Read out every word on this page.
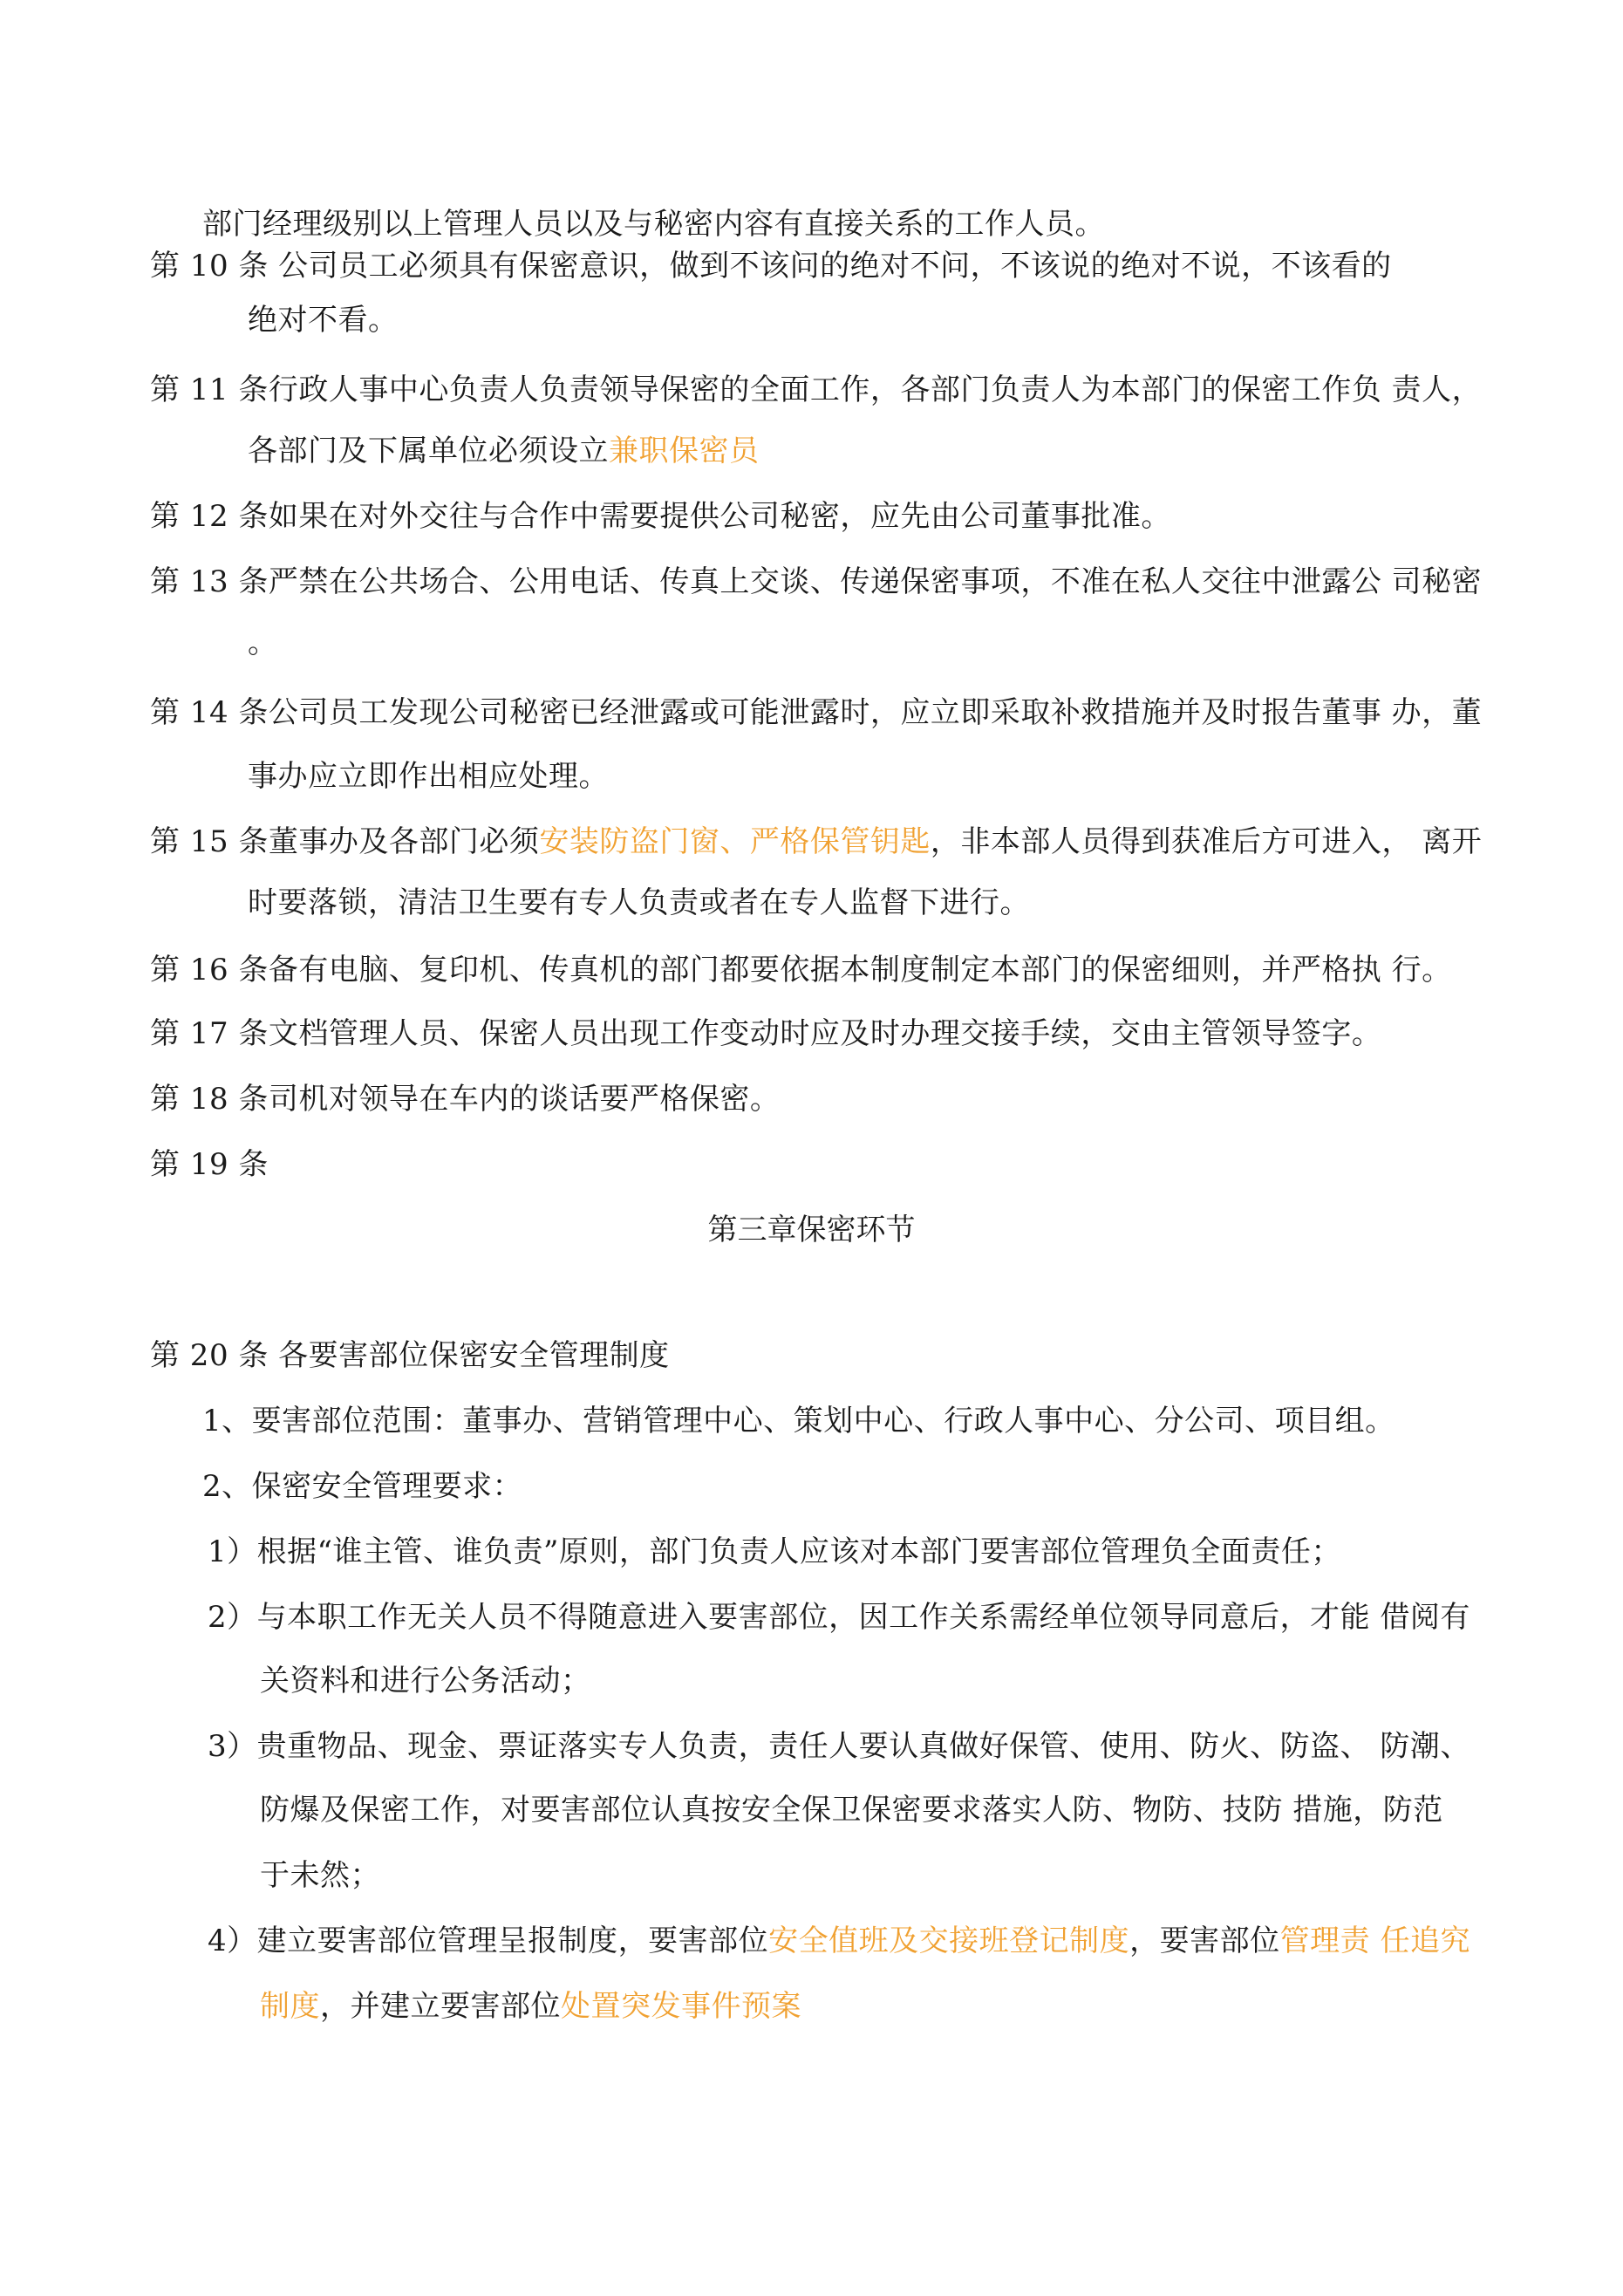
部门经理级别以上管理人员以及与秘密内容有直接关系的工作人员。
第 10 条 公司员工必须具有保密意识，做到不该问的绝对不问，不该说的绝对不说，不该看的
绝对不看。
第 11 条行政人事中心负责人负责领导保密的全面工作，各部门负责人为本部门的保密工作负 责人，
各部门及下属单位必须设立兼职保密员
第 12 条如果在对外交往与合作中需要提供公司秘密，应先由公司董事批准。
第 13 条严禁在公共场合、公用电话、传真上交谈、传递保密事项，不准在私人交往中泄露公 司秘密
。
第 14 条公司员工发现公司秘密已经泄露或可能泄露时，应立即采取补救措施并及时报告董事 办，董
事办应立即作出相应处理。
第 15 条董事办及各部门必须安装防盗门窗、严格保管钥匙，非本部人员得到获准后方可进入， 离开
时要落锁，清洁卫生要有专人负责或者在专人监督下进行。
第 16 条备有电脑、复印机、传真机的部门都要依据本制度制定本部门的保密细则，并严格执 行。
第 17 条文档管理人员、保密人员出现工作变动时应及时办理交接手续，交由主管领导签字。
第 18 条司机对领导在车内的谈话要严格保密。
第 19 条
第三章保密环节
第 20 条 各要害部位保密安全管理制度
1、要害部位范围：董事办、营销管理中心、策划中心、行政人事中心、分公司、项目组。
2、保密安全管理要求：
1）根据“谁主管、谁负责”原则，部门负责人应该对本部门要害部位管理负全面责任；
2）与本职工作无关人员不得随意进入要害部位，因工作关系需经单位领导同意后，才能 借阅有
关资料和进行公务活动；
3）贵重物品、现金、票证落实专人负责，责任人要认真做好保管、使用、防火、防盗、 防潮、
防爆及保密工作，对要害部位认真按安全保卫保密要求落实人防、物防、技防 措施，防范
于未然；
4）建立要害部位管理呈报制度，要害部位安全值班及交接班登记制度，要害部位管理责 任追究
制度，并建立要害部位处置突发事件预案
